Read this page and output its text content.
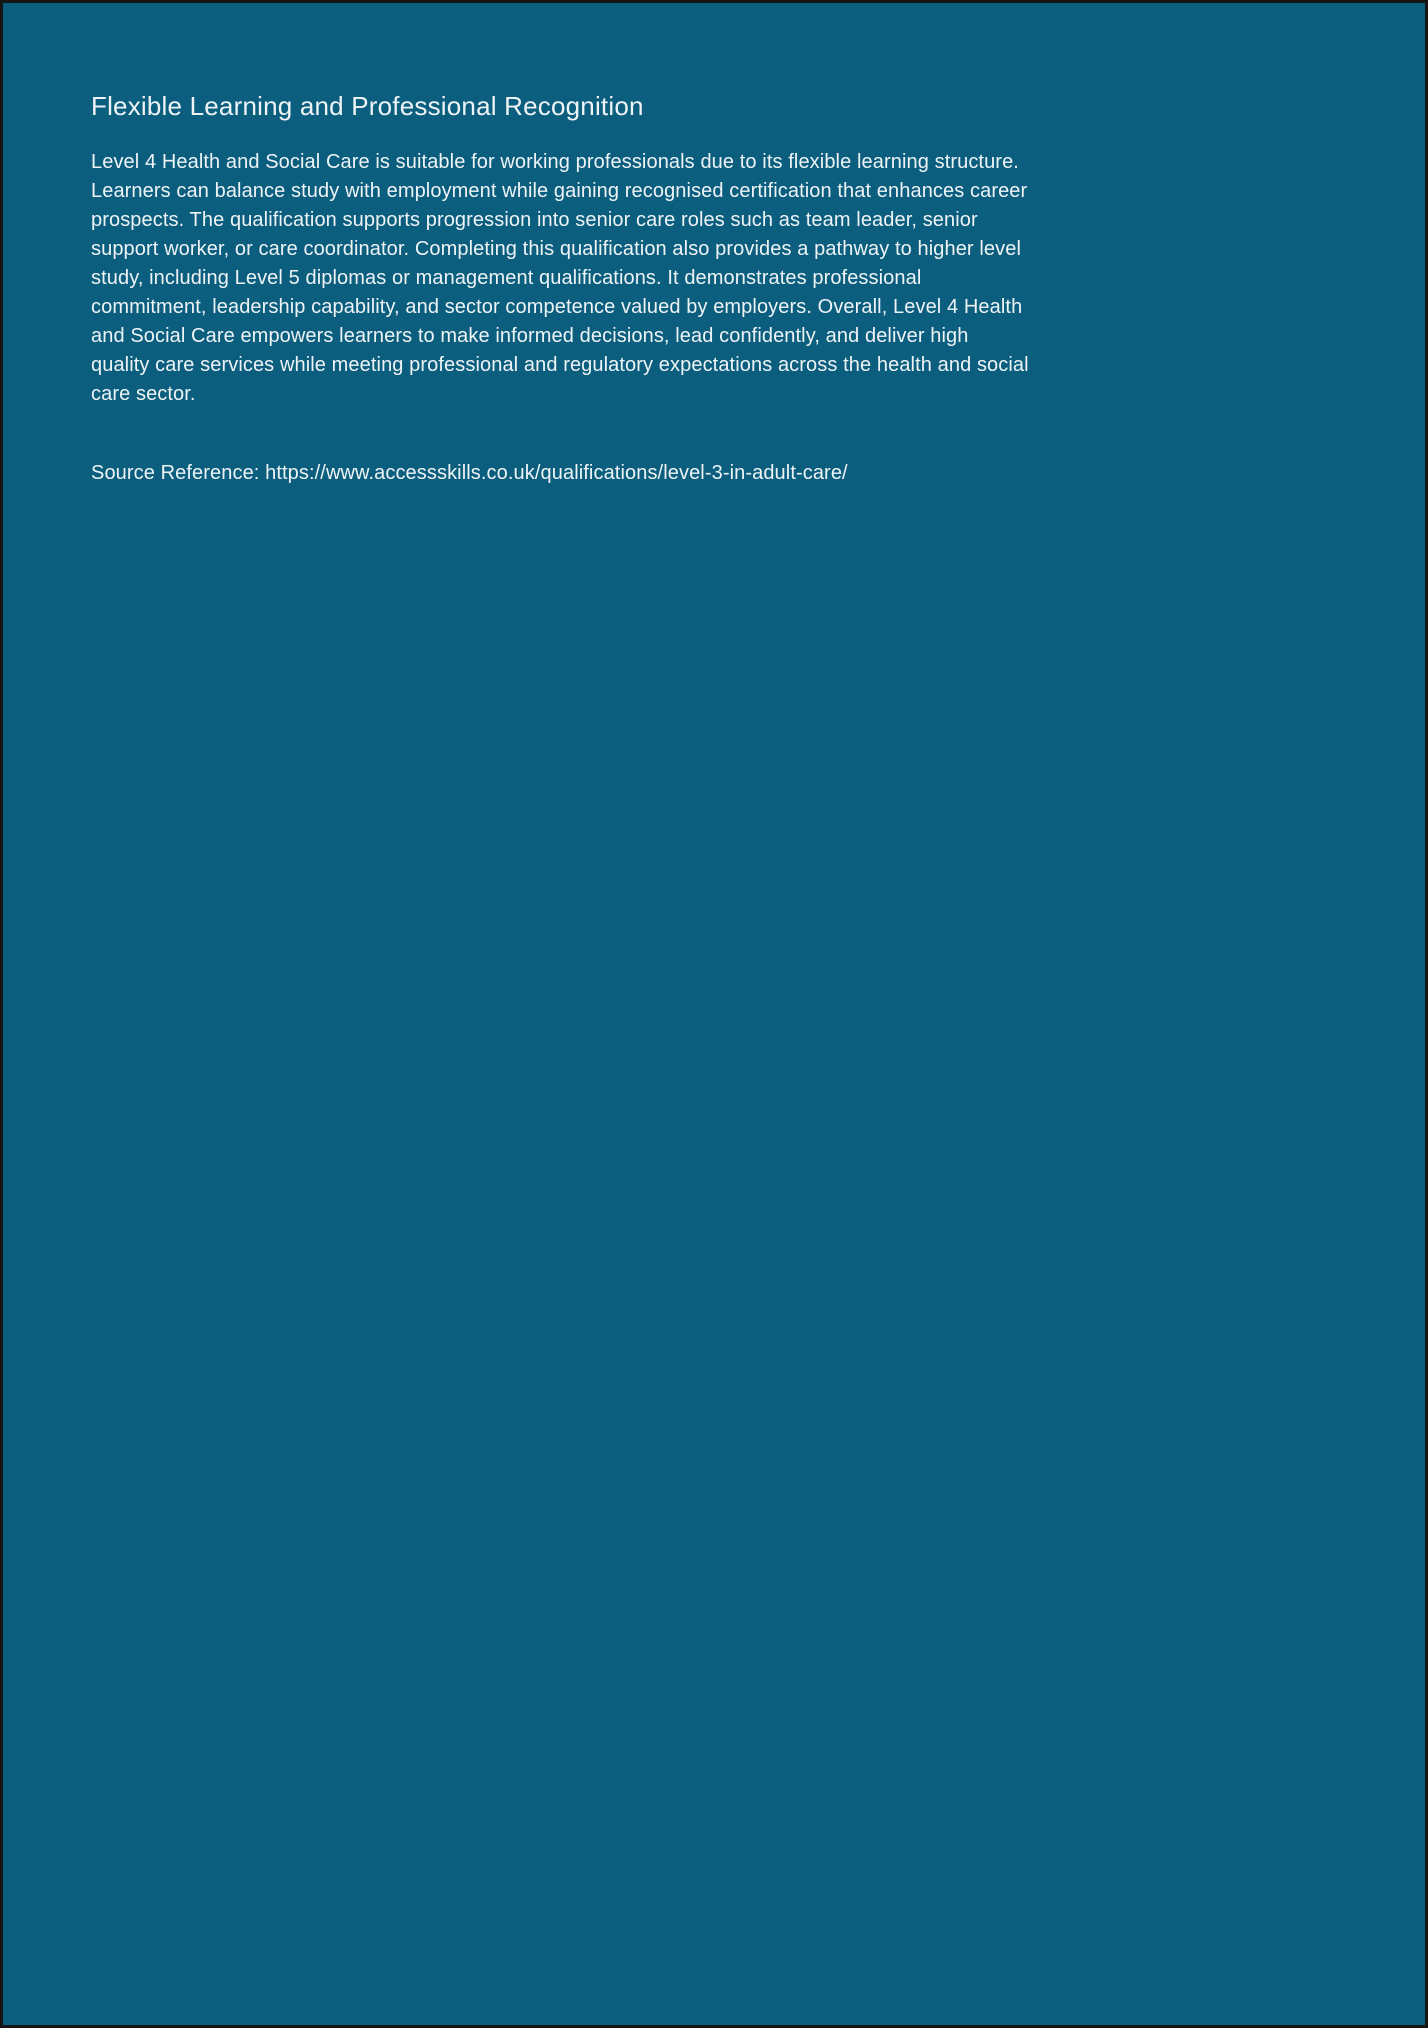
Flexible Learning and Professional Recognition

Level 4 Health and Social Care is suitable for working professionals due to its flexible learning structure. Learners can balance study with employment while gaining recognised certification that enhances career prospects. The qualification supports progression into senior care roles such as team leader, senior support worker, or care coordinator. Completing this qualification also provides a pathway to higher level study, including Level 5 diplomas or management qualifications. It demonstrates professional commitment, leadership capability, and sector competence valued by employers. Overall, Level 4 Health and Social Care empowers learners to make informed decisions, lead confidently, and deliver high quality care services while meeting professional and regulatory expectations across the health and social care sector.

Source Reference: https://www.accessskills.co.uk/qualifications/level-3-in-adult-care/
